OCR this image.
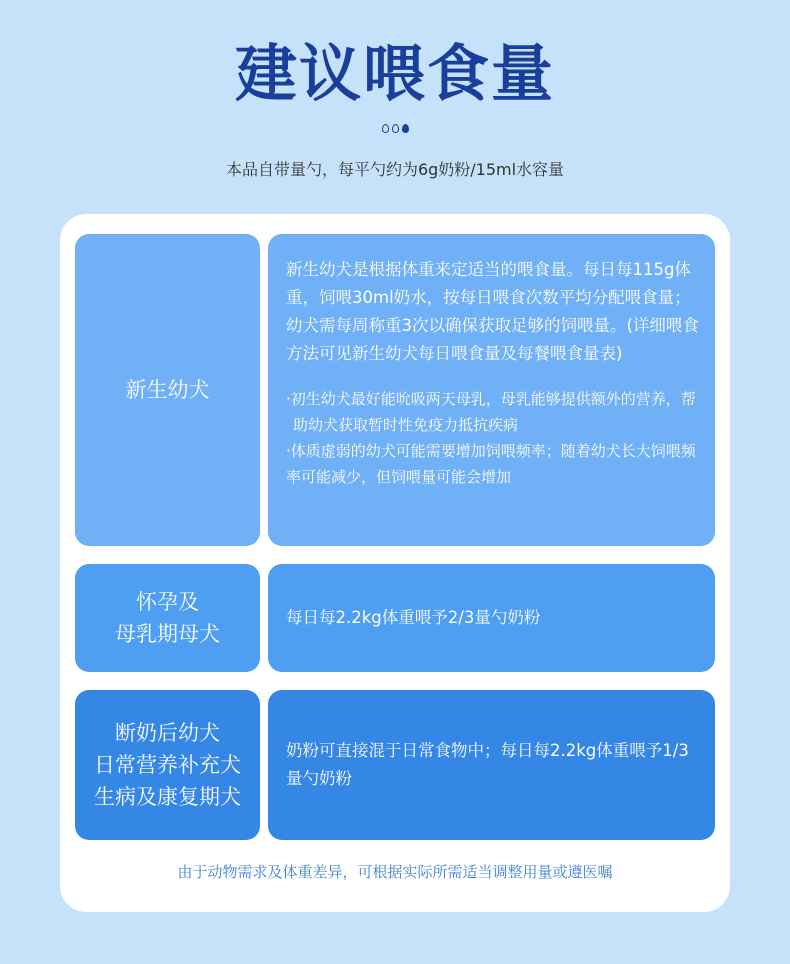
建议喂食量
本品自带量勺，每平勺约为6g奶粉/15ml水容量
新生幼犬
新生幼犬是根据体重来定适当的喂食量。每日每115g体重，饲喂30ml奶水，按每日喂食次数平均分配喂食量；幼犬需每周称重3次以确保获取足够的饲喂量。(详细喂食方法可见新生幼犬每日喂食量及每餐喂食量表)
·初生幼犬最好能吮吸两天母乳，母乳能够提供额外的营养，帮助幼犬获取暂时性免疫力抵抗疾病
·体质虚弱的幼犬可能需要增加饲喂频率；随着幼犬长大饲喂频率可能减少，但饲喂量可能会增加
怀孕及
母乳期母犬
每日每2.2kg体重喂予2/3量勺奶粉
断奶后幼犬
日常营养补充犬
生病及康复期犬
奶粉可直接混于日常食物中；每日每2.2kg体重喂予1/3量勺奶粉
由于动物需求及体重差异，可根据实际所需适当调整用量或遵医嘱
